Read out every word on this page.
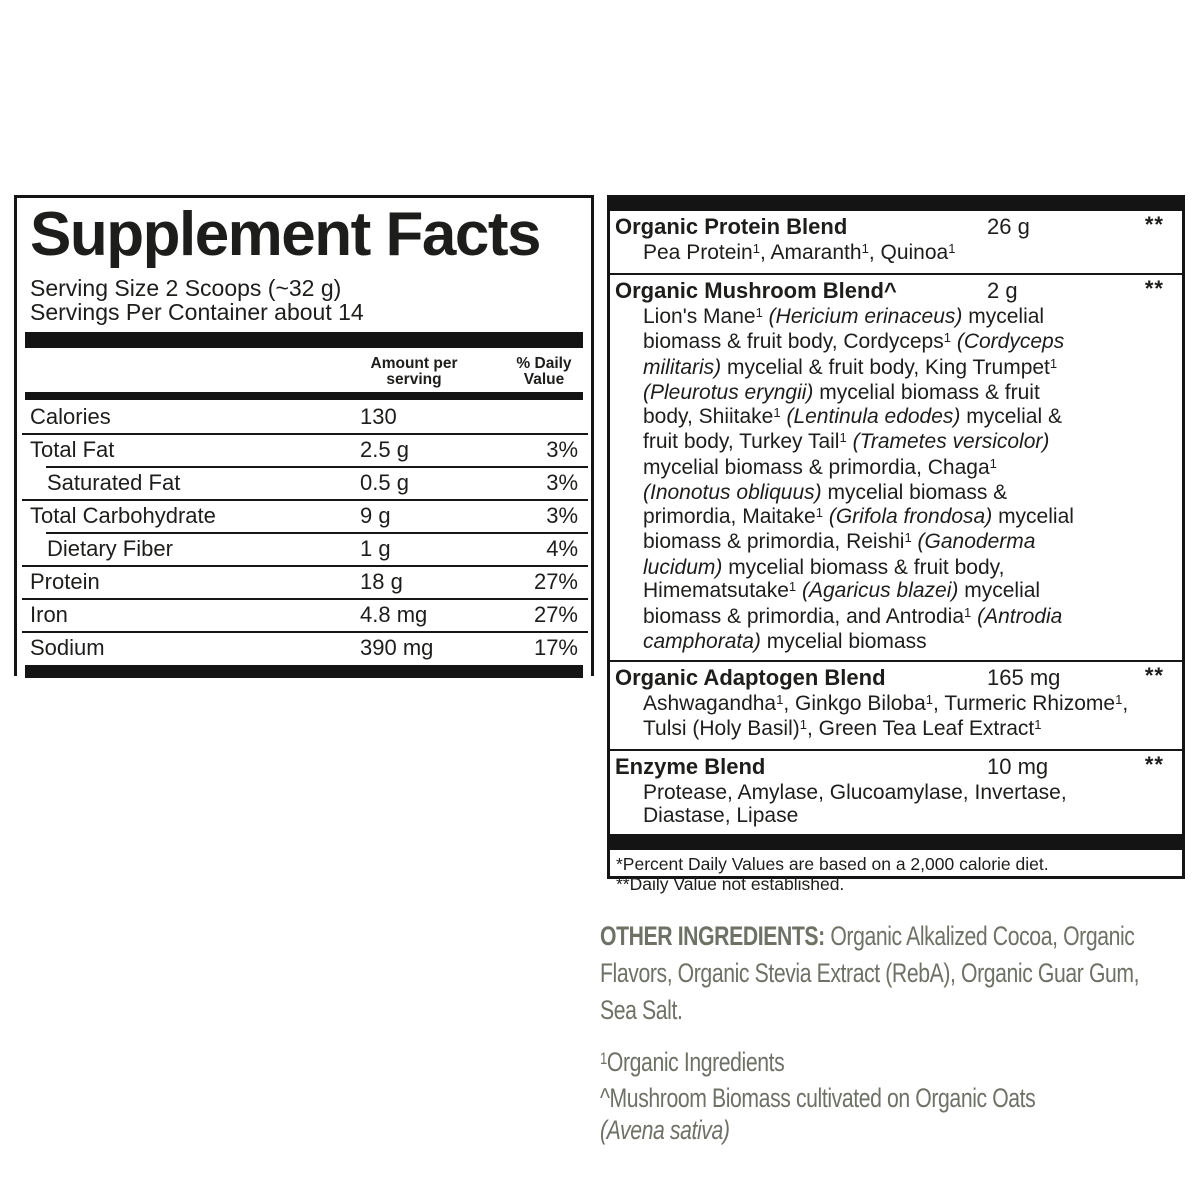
Supplement Facts
Serving Size 2 Scoops (~32 g)
Servings Per Container about 14
Amount per serving
% Daily Value
Calories	130
Total Fat	2.5 g	3%
Saturated Fat	0.5 g	3%
Total Carbohydrate	9 g	3%
Dietary Fiber	1 g	4%
Protein	18 g	27%
Iron	4.8 mg	27%
Sodium	390 mg	17%
Organic Protein Blend	26 g	**
Pea Protein$^1$, Amaranth$^1$, Quinoa$^1$
Organic Mushroom Blend^	2 g	**
Lion's Mane$^1$ (Hericium erinaceus) mycelial
biomass & fruit body, Cordyceps$^1$ (Cordyceps
militaris) mycelial & fruit body, King Trumpet$^1$
(Pleurotus eryngii) mycelial biomass & fruit
body, Shiitake$^1$ (Lentinula edodes) mycelial &
fruit body, Turkey Tail$^1$ (Trametes versicolor)
mycelial biomass & primordia, Chaga$^1$
(Inonotus obliquus) mycelial biomass &
primordia, Maitake$^1$ (Grifola frondosa) mycelial
biomass & primordia, Reishi$^1$ (Ganoderma
lucidum) mycelial biomass & fruit body,
Himematsutake$^1$ (Agaricus blazei) mycelial
biomass & primordia, and Antrodia$^1$ (Antrodia
camphorata) mycelial biomass
Organic Adaptogen Blend	165 mg	**
Ashwagandha$^1$, Ginkgo Biloba$^1$, Turmeric Rhizome$^1$,
Tulsi (Holy Basil)$^1$, Green Tea Leaf Extract$^1$
Enzyme Blend	10 mg	**
Protease, Amylase, Glucoamylase, Invertase,
Diastase, Lipase
*Percent Daily Values are based on a 2,000 calorie diet.
**Daily Value not established.
OTHER INGREDIENTS: Organic Alkalized Cocoa, Organic
Flavors, Organic Stevia Extract (RebA), Organic Guar Gum,
Sea Salt.
$^1$Organic Ingredients
^Mushroom Biomass cultivated on Organic Oats
(Avena sativa)
